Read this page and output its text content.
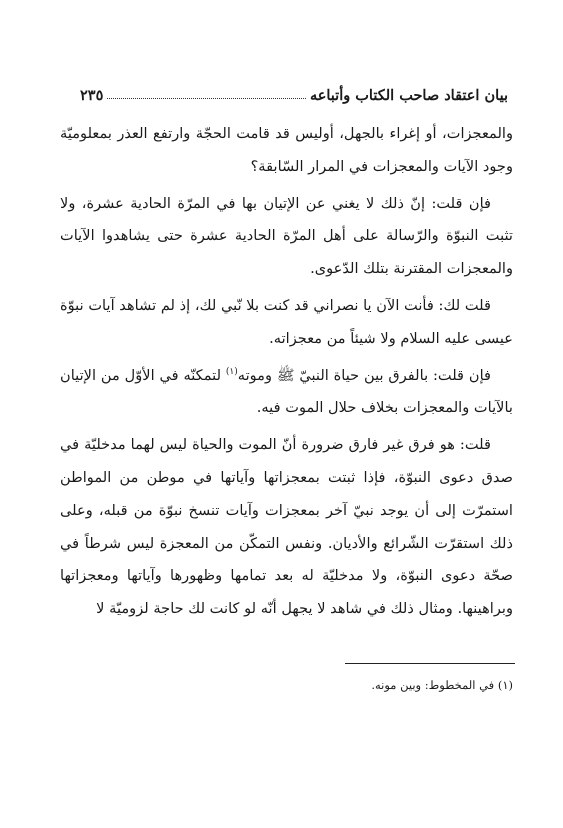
بيان اعتقاد صاحب الكتاب وأتباعه
٢٣٥

والمعجزات، أو إغراء بالجهل، أوليس قد قامت الحجّة وارتفع العذر بمعلوميّة وجود الآيات والمعجزات في المرار السّابقة؟

فإن قلت: إنّ ذلك لا يغني عن الإتيان بها في المرّة الحادية عشرة، ولا تثبت النبوّة والرّسالة على أهل المرّة الحادية عشرة حتى يشاهدوا الآيات والمعجزات المقترنة بتلك الدّعوى.

قلت لك: فأنت الآن يا نصراني قد كنت بلا نّبي لك، إذ لم تشاهد آيات نبوّة عيسى عليه السلام ولا شيئاً من معجزاته.

فإن قلت: بالفرق بين حياة النبيّ ﷺ وموته$^{(١)}$ لتمكنّه في الأوّل من الإتيان بالآيات والمعجزات بخلاف حلال الموت فيه.

قلت: هو فرق غير فارق ضرورة أنّ الموت والحياة ليس لهما مدخليّة في صدق دعوى النبوّة، فإذا ثبتت بمعجزاتها وآياتها في موطن من المواطن استمرّت إلى أن يوجد نبيّ آخر بمعجزات وآيات تنسخ نبوّة من قبله، وعلى ذلك استقرّت الشّرائع والأديان. ونفس التمكّن من المعجزة ليس شرطاً في صحّة دعوى النبوّة، ولا مدخليّة له بعد تمامها وظهورها وآياتها ومعجزاتها وبراهينها. ومثال ذلك في شاهد لا يجهل أنّه لو كانت لك حاجة لزوميّة لا

(١) في المخطوط: وبين مونه.
